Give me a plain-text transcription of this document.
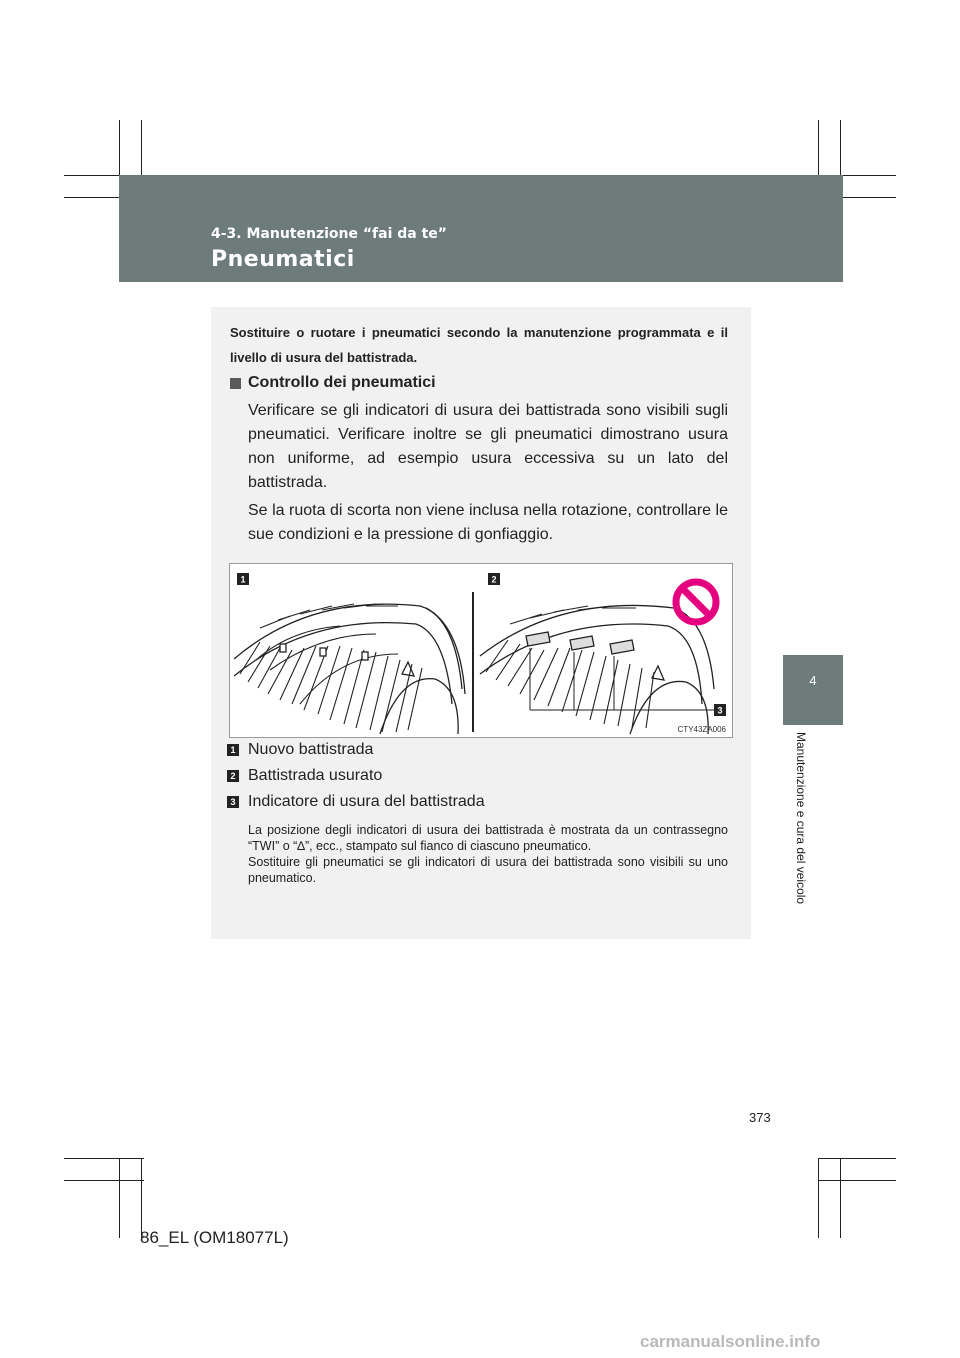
4-3. Manutenzione “fai da te”
Pneumatici
4
Manutenzione e cura del veicolo
Sostituire o ruotare i pneumatici secondo la manutenzione programmata e il livello di usura del battistrada.
Controllo dei pneumatici
Verificare se gli indicatori di usura dei battistrada sono visibili sugli pneumatici. Verificare inoltre se gli pneumatici dimostrano usura non uniforme, ad esempio usura eccessiva su un lato del battistrada.
Se la ruota di scorta non viene inclusa nella rotazione, controllare le sue condizioni e la pressione di gonfiaggio.
1	2
3
CTY43ZA006
1 Nuovo battistrada
2 Battistrada usurato
3 Indicatore di usura del battistrada

La posizione degli indicatori di usura dei battistrada è mostrata da un contrassegno “TWI” o “∆”, ecc., stampato sul fianco di ciascuno pneumatico.

Sostituire gli pneumatici se gli indicatori di usura dei battistrada sono visibili su uno pneumatico.

373
86_EL (OM18077L)
carmanualsonline.info
